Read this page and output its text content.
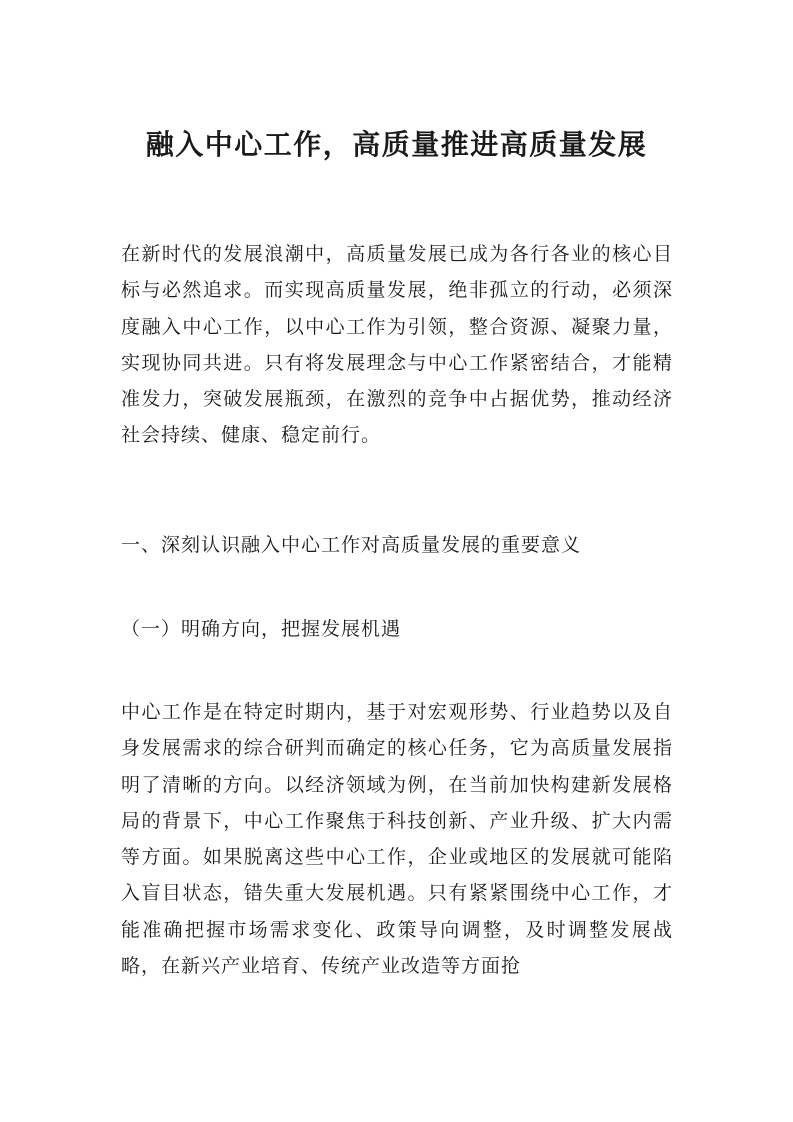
融入中心工作，高质量推进高质量发展

在新时代的发展浪潮中，高质量发展已成为各行各业的核心目标与必然追求。而实现高质量发展，绝非孤立的行动，必须深度融入中心工作，以中心工作为引领，整合资源、凝聚力量，实现协同共进。只有将发展理念与中心工作紧密结合，才能精准发力，突破发展瓶颈，在激烈的竞争中占据优势，推动经济社会持续、健康、稳定前行。

一、深刻认识融入中心工作对高质量发展的重要意义

（一）明确方向，把握发展机遇

中心工作是在特定时期内，基于对宏观形势、行业趋势以及自身发展需求的综合研判而确定的核心任务，它为高质量发展指明了清晰的方向。以经济领域为例，在当前加快构建新发展格局的背景下，中心工作聚焦于科技创新、产业升级、扩大内需等方面。如果脱离这些中心工作，企业或地区的发展就可能陷入盲目状态，错失重大发展机遇。只有紧紧围绕中心工作，才能准确把握市场需求变化、政策导向调整，及时调整发展战略，在新兴产业培育、传统产业改造等方面抢
